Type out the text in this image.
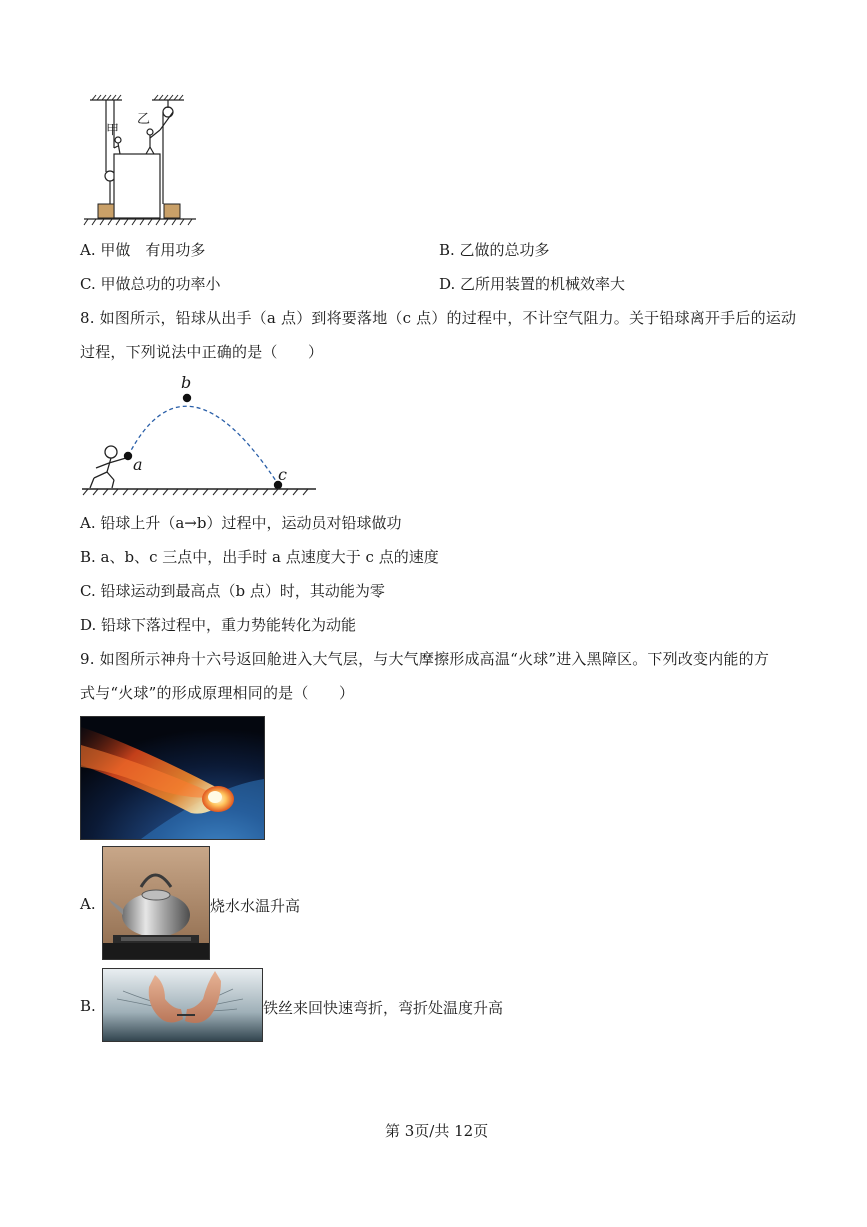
甲
乙
A. 甲做　有用功多	B. 乙做的总功多
C. 甲做总功的功率小	D. 乙所用装置的机械效率大
8. 如图所示，铅球从出手（a 点）到将要落地（c 点）的过程中，不计空气阻力。关于铅球离开手后的运动
过程，下列说法中正确的是（　　）
a
b
c
A. 铅球上升（a→b）过程中，运动员对铅球做功
B. a、b、c 三点中，出手时 a 点速度大于 c 点的速度
C. 铅球运动到最高点（b 点）时，其动能为零
D. 铅球下落过程中，重力势能转化为动能
9. 如图所示神舟十六号返回舱进入大气层，与大气摩擦形成高温“火球”进入黑障区。下列改变内能的方
式与“火球”的形成原理相同的是（　　）
A.	烧水水温升高
B.	铁丝来回快速弯折，弯折处温度升高
第 3页/共 12页
